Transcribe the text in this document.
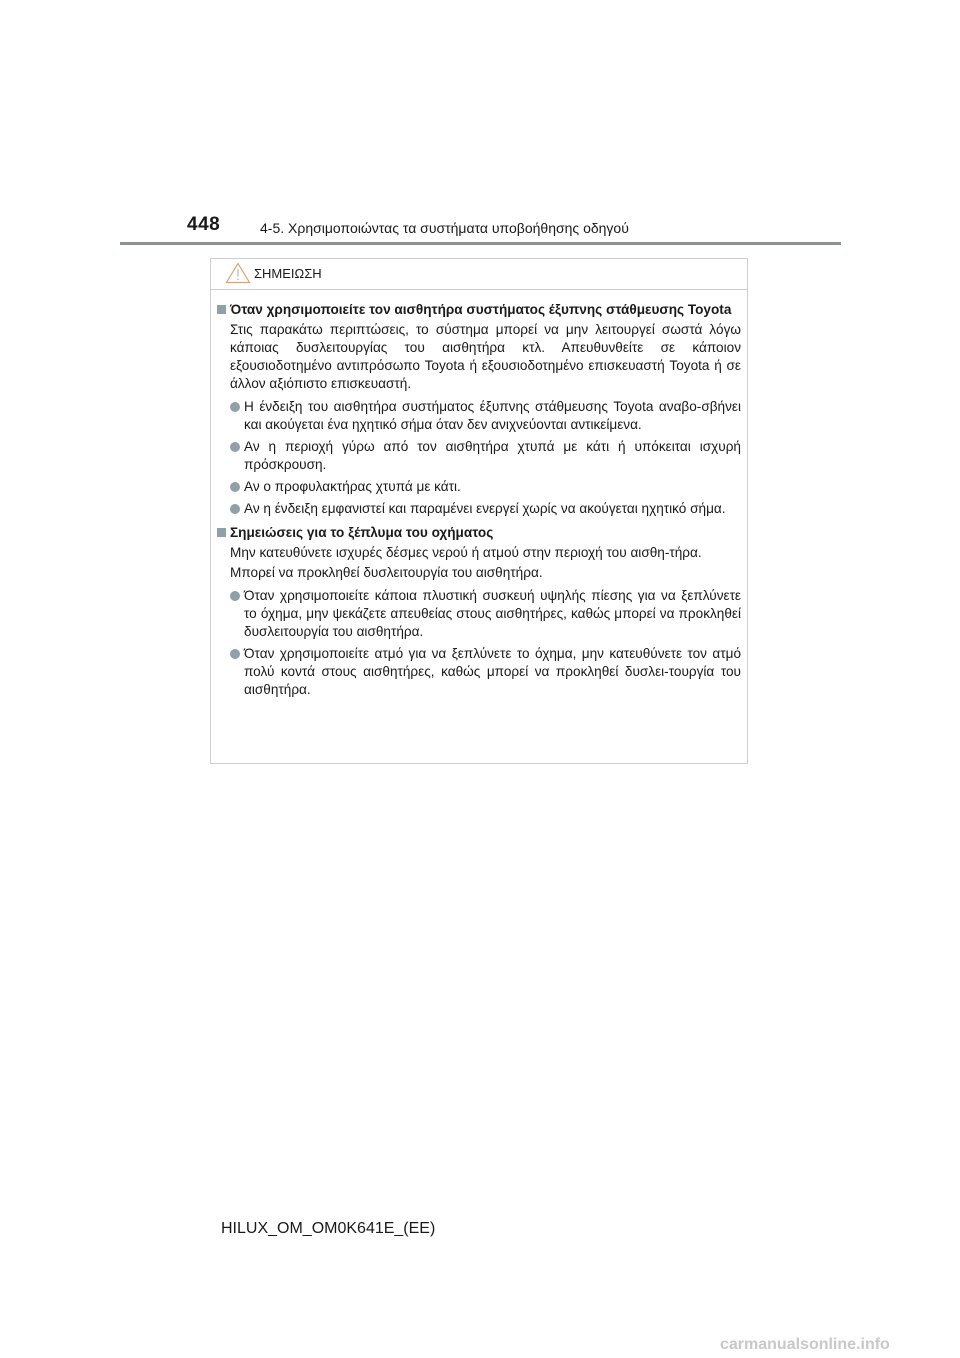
448	4-5. Χρησιμοποιώντας τα συστήματα υποβοήθησης οδηγού
ΣΗΜΕΙΩΣΗ
Όταν χρησιμοποιείτε τον αισθητήρα συστήματος έξυπνης στάθμευσης Toyota
Στις παρακάτω περιπτώσεις, το σύστημα μπορεί να μην λειτουργεί σωστά λόγω κάποιας δυσλειτουργίας του αισθητήρα κτλ. Απευθυνθείτε σε κάποιον εξουσιοδοτημένο αντιπρόσωπο Toyota ή εξουσιοδοτημένο επισκευαστή Toyota ή σε άλλον αξιόπιστο επισκευαστή.
Η ένδειξη του αισθητήρα συστήματος έξυπνης στάθμευσης Toyota αναβο-σβήνει και ακούγεται ένα ηχητικό σήμα όταν δεν ανιχνεύονται αντικείμενα.
Αν η περιοχή γύρω από τον αισθητήρα χτυπά με κάτι ή υπόκειται ισχυρή πρόσκρουση.
Αν ο προφυλακτήρας χτυπά με κάτι.
Αν η ένδειξη εμφανιστεί και παραμένει ενεργεί χωρίς να ακούγεται ηχητικό σήμα.
Σημειώσεις για το ξέπλυμα του οχήματος
Μην κατευθύνετε ισχυρές δέσμες νερού ή ατμού στην περιοχή του αισθη-τήρα.
Μπορεί να προκληθεί δυσλειτουργία του αισθητήρα.
Όταν χρησιμοποιείτε κάποια πλυστική συσκευή υψηλής πίεσης για να ξεπλύνετε το όχημα, μην ψεκάζετε απευθείας στους αισθητήρες, καθώς μπορεί να προκληθεί δυσλειτουργία του αισθητήρα.
Όταν χρησιμοποιείτε ατμό για να ξεπλύνετε το όχημα, μην κατευθύνετε τον ατμό πολύ κοντά στους αισθητήρες, καθώς μπορεί να προκληθεί δυσλει-τουργία του αισθητήρα.
HILUX_OM_OM0K641E_(EE)
carmanualsonline.info
